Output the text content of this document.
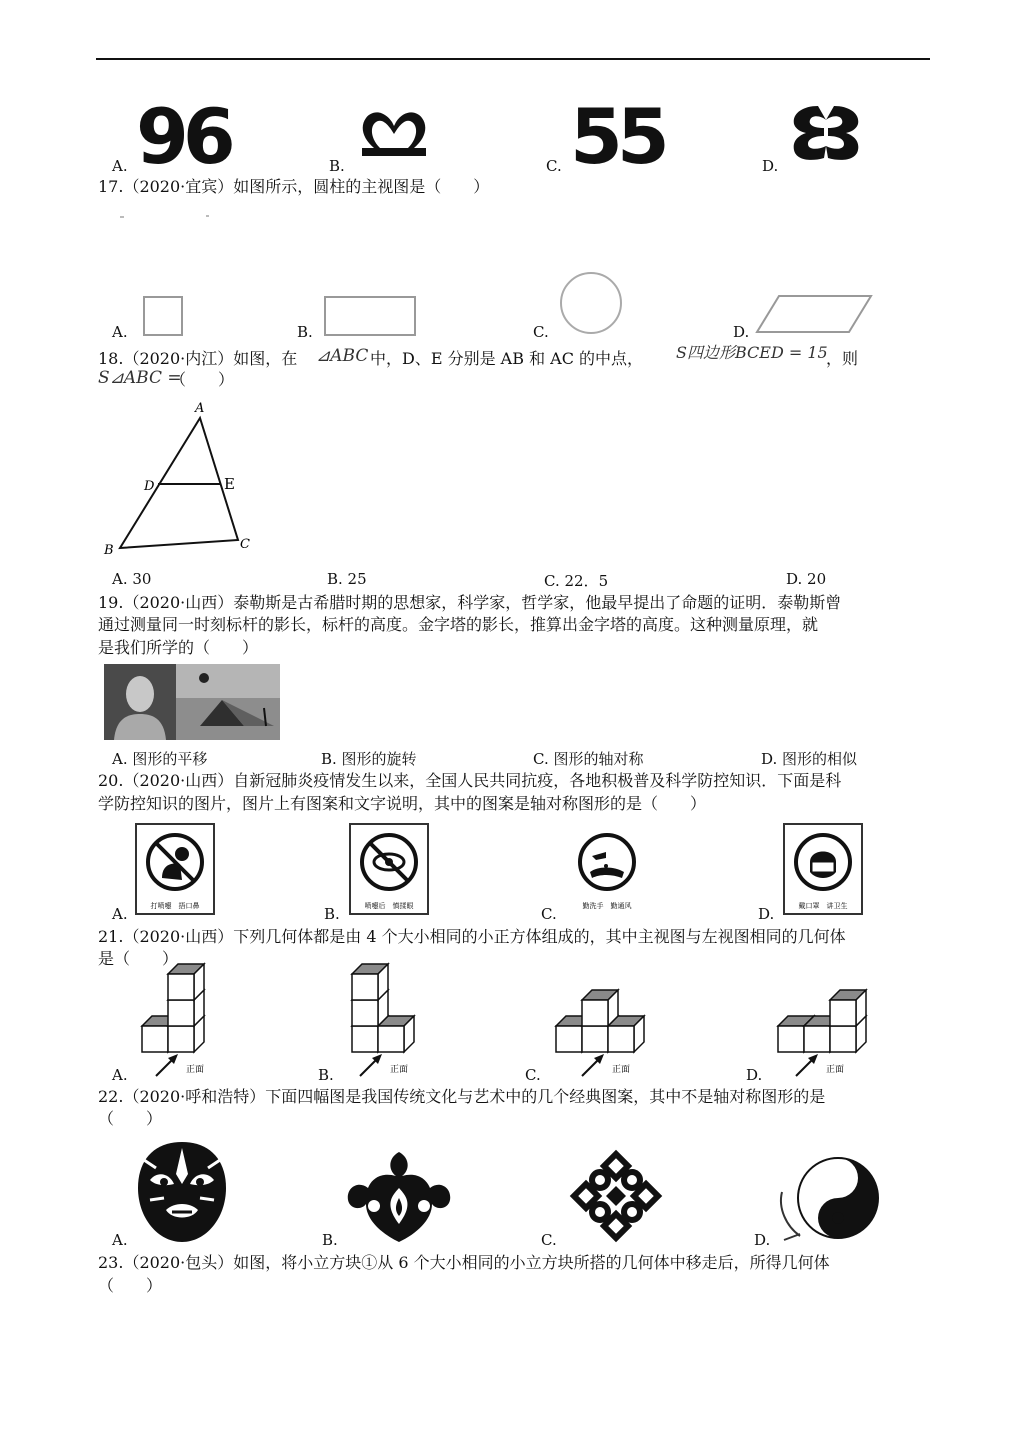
A. 96	B.	C. 55	D.
17.（2020·宜宾）如图所示，圆柱的主视图是（　　）
A.	B.	C.	D.
18.（2020·内江）如图，在 ⊿ABC 中，D、E 分别是 AB 和 AC 的中点， S四边形BCED = 15
，则
S⊿ABC =
（　　）
A
D	E
B	C
A. 30	B. 25	C. 22．5	D. 20
19.（2020·山西）泰勒斯是古希腊时期的思想家，科学家，哲学家，他最早提出了命题的证明．泰勒斯曾
通过测量同一时刻标杆的影长，标杆的高度。金字塔的影长，推算出金字塔的高度。这种测量原理，就
是我们所学的（　　）
A. 图形的平移	B. 图形的旋转	C. 图形的轴对称	D. 图形的相似
20.（2020·山西）自新冠肺炎疫情发生以来，全国人民共同抗疫，各地积极普及科学防控知识．下面是科
学防控知识的图片，图片上有图案和文字说明，其中的图案是轴对称图形的是（　　）
A.	打喷嚏　捂口鼻	B.	喷嚏后　慎揉眼	C.	勤洗手　勤通风	D.	戴口罩　讲卫生
21.（2020·山西）下列几何体都是由 4 个大小相同的小正方体组成的，其中主视图与左视图相同的几何体
是（　　）
A.	正面	B.	正面	C.	正面	D.	正面
22.（2020·呼和浩特）下面四幅图是我国传统文化与艺术中的几个经典图案，其中不是轴对称图形的是
（　　）
A.	B.	C.	D.
23.（2020·包头）如图，将小立方块①从 6 个大小相同的小立方块所搭的几何体中移走后，所得几何体
（　　）
